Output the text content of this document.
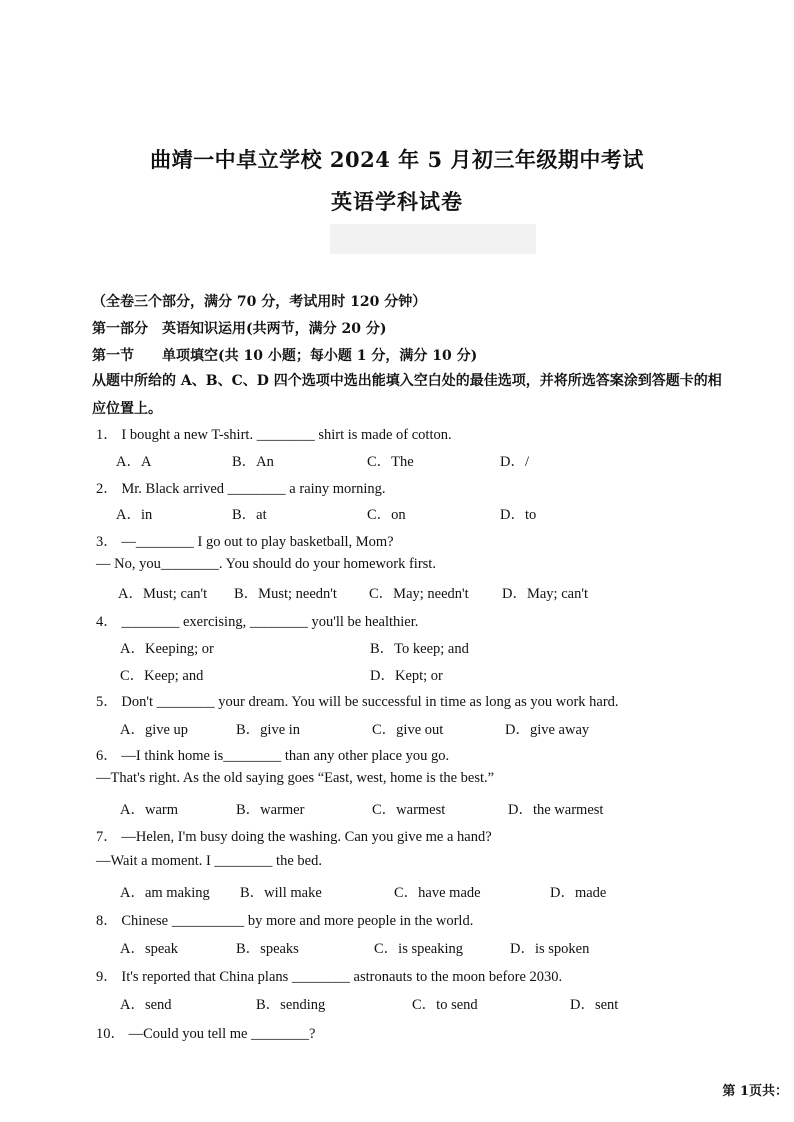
曲靖一中卓立学校 2024 年 5 月初三年级期中考试
英语学科试卷
（全卷三个部分，满分 70 分，考试用时 120 分钟）
第一部分　英语知识运用(共两节，满分 20 分)
第一节　　单项填空(共 10 小题；每小题 1 分，满分 10 分)
从题中所给的 A、B、C、D 四个选项中选出能填入空白处的最佳选项，并将所选答案涂到答题卡的相
应位置上。
1． I bought a new T-shirt. ________ shirt is made of cotton.
A．A	B．An	C．The	D．/
2． Mr. Black arrived ________ a rainy morning.
A．in	B．at	C．on	D．to
3． —________ I go out to play basketball, Mom?
— No, you________. You should do your homework first.
A．Must; can't B．Must; needn't C．May; needn't D．May; can't
4． ________ exercising, ________ you'll be healthier.
A．Keeping; or	B．To keep; and
C．Keep; and	D．Kept; or
5． Don't ________ your dream. You will be successful in time as long as you work hard.
A．give up	B．give in	C．give out	D．give away
6． —I think home is________ than any other place you go.
—That's right. As the old saying goes “East, west, home is the best.”
A．warm	B．warmer	C．warmest	D．the warmest
7． —Helen, I'm busy doing the washing. Can you give me a hand?
—Wait a moment. I ________ the bed.
A．am making B．will make	C．have made	D．made
8． Chinese __________ by more and more people in the world.
A．speak	B．speaks	C．is speaking	D．is spoken
9． It's reported that China plans ________ astronauts to the moon before 2030.
A．send	B．sending	C．to send	D．sent
10． —Could you tell me ________?
第 1页共：
